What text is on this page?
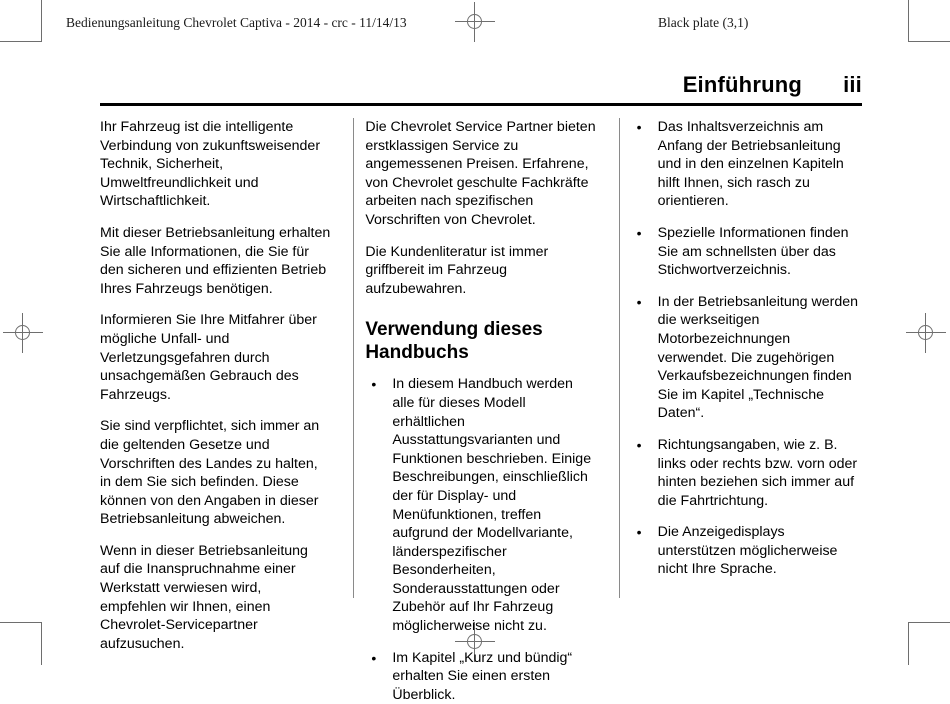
Bedienungsanleitung Chevrolet Captiva - 2014 - crc - 11/14/13	Black plate (3,1)
Einführung	iii

Ihr Fahrzeug ist die intelligente Verbindung von zukunftsweisender Technik, Sicherheit, Umweltfreundlichkeit und Wirtschaftlichkeit.

Mit dieser Betriebsanleitung erhalten Sie alle Informationen, die Sie für den sicheren und effizienten Betrieb Ihres Fahrzeugs benötigen.

Informieren Sie Ihre Mitfahrer über mögliche Unfall- und Verletzungsgefahren durch unsachgemäßen Gebrauch des Fahrzeugs.

Sie sind verpflichtet, sich immer an die geltenden Gesetze und Vorschriften des Landes zu halten, in dem Sie sich befinden. Diese können von den Angaben in dieser Betriebsanleitung abweichen.

Wenn in dieser Betriebsanleitung auf die Inanspruchnahme einer Werkstatt verwiesen wird, empfehlen wir Ihnen, einen Chevrolet-Servicepartner aufzusuchen.

Die Chevrolet Service Partner bieten erstklassigen Service zu angemessenen Preisen. Erfahrene, von Chevrolet geschulte Fachkräfte arbeiten nach spezifischen Vorschriften von Chevrolet.

Die Kundenliteratur ist immer griffbereit im Fahrzeug aufzubewahren.

Verwendung dieses Handbuchs
• In diesem Handbuch werden alle für dieses Modell erhältlichen Ausstattungsvarianten und Funktionen beschrieben. Einige Beschreibungen, einschließlich der für Display- und Menüfunktionen, treffen aufgrund der Modellvariante, länderspezifischer Besonderheiten, Sonderausstattungen oder Zubehör auf Ihr Fahrzeug möglicherweise nicht zu.
• Im Kapitel „Kurz und bündig“ erhalten Sie einen ersten Überblick.
• Das Inhaltsverzeichnis am Anfang der Betriebsanleitung und in den einzelnen Kapiteln hilft Ihnen, sich rasch zu orientieren.
• Spezielle Informationen finden Sie am schnellsten über das Stichwortverzeichnis.
• In der Betriebsanleitung werden die werkseitigen Motorbezeichnungen verwendet. Die zugehörigen Verkaufsbezeichnungen finden Sie im Kapitel „Technische Daten“.
• Richtungsangaben, wie z. B. links oder rechts bzw. vorn oder hinten beziehen sich immer auf die Fahrtrichtung.
• Die Anzeigedisplays unterstützen möglicherweise nicht Ihre Sprache.
